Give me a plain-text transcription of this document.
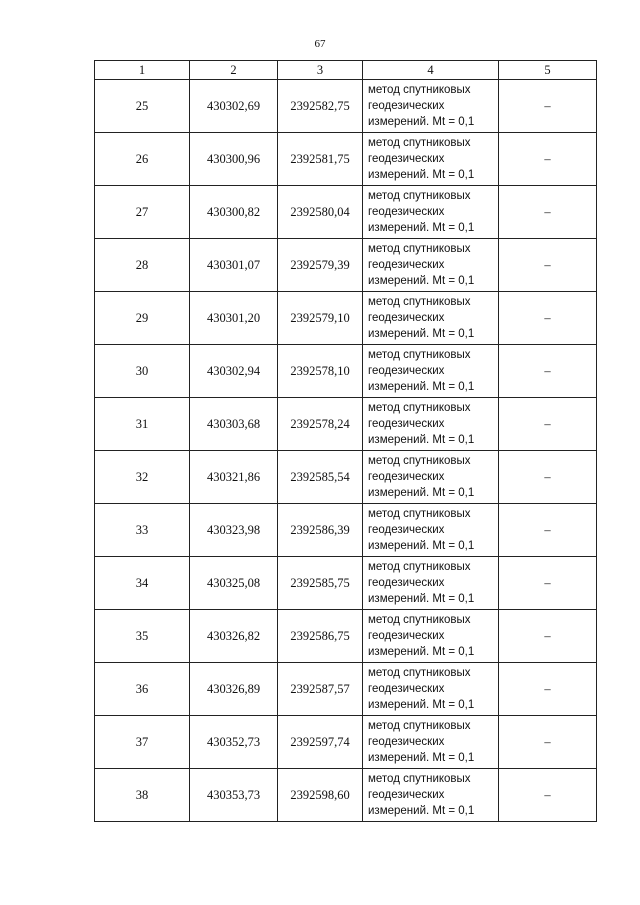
67
1	2	3	4	5
25	430302,69	2392582,75	метод спутниковых
геодезических
измерений. Mt = 0,1	–
26	430300,96	2392581,75	метод спутниковых
геодезических
измерений. Mt = 0,1	–
27	430300,82	2392580,04	метод спутниковых
геодезических
измерений. Mt = 0,1	–
28	430301,07	2392579,39	метод спутниковых
геодезических
измерений. Mt = 0,1	–
29	430301,20	2392579,10	метод спутниковых
геодезических
измерений. Mt = 0,1	–
30	430302,94	2392578,10	метод спутниковых
геодезических
измерений. Mt = 0,1	–
31	430303,68	2392578,24	метод спутниковых
геодезических
измерений. Mt = 0,1	–
32	430321,86	2392585,54	метод спутниковых
геодезических
измерений. Mt = 0,1	–
33	430323,98	2392586,39	метод спутниковых
геодезических
измерений. Mt = 0,1	–
34	430325,08	2392585,75	метод спутниковых
геодезических
измерений. Mt = 0,1	–
35	430326,82	2392586,75	метод спутниковых
геодезических
измерений. Mt = 0,1	–
36	430326,89	2392587,57	метод спутниковых
геодезических
измерений. Mt = 0,1	–
37	430352,73	2392597,74	метод спутниковых
геодезических
измерений. Mt = 0,1	–
38	430353,73	2392598,60	метод спутниковых
геодезических
измерений. Mt = 0,1	–
